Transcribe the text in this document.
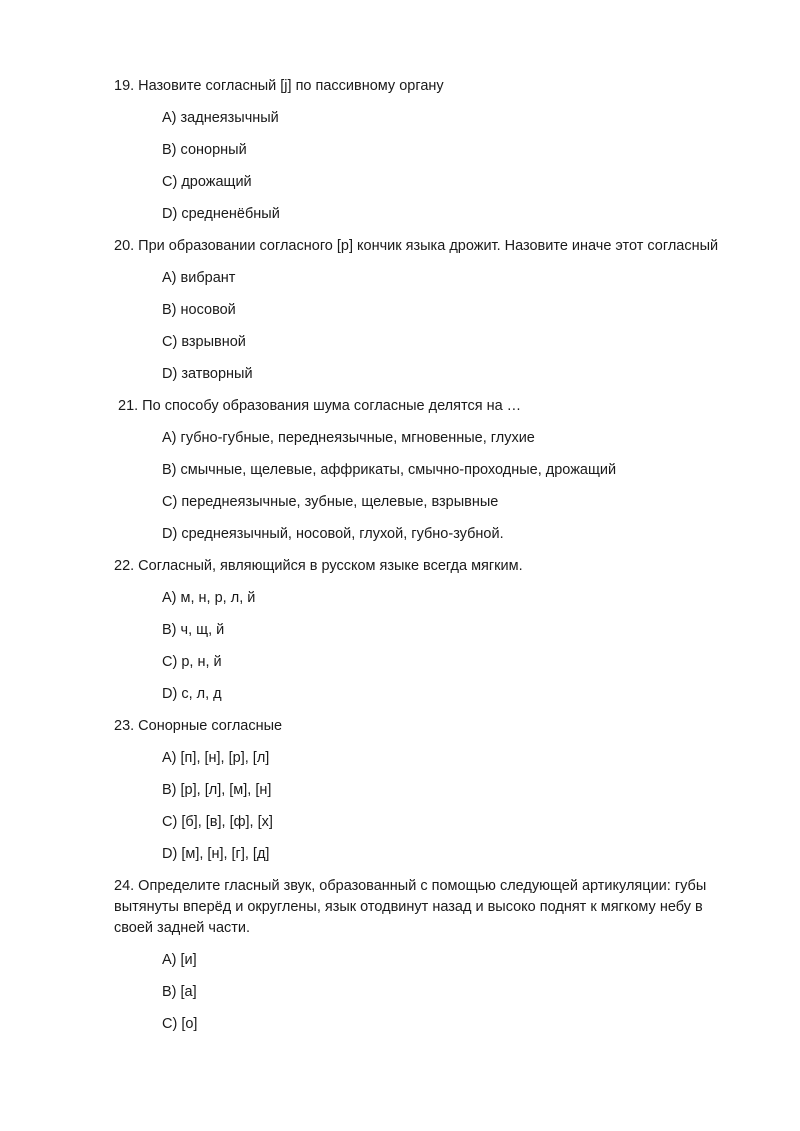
19. Назовите согласный [j] по пассивному органу
А) заднеязычный
В) сонорный
С) дрожащий
D) средненёбный
20. При образовании согласного [р] кончик языка дрожит. Назовите иначе этот согласный
А) вибрант
В) носовой
С) взрывной
D) затворный
21. По способу образования шума согласные делятся на …
А) губно-губные, переднеязычные, мгновенные, глухие
В) смычные, щелевые, аффрикаты, смычно-проходные, дрожащий
С) переднеязычные, зубные, щелевые, взрывные
D) среднеязычный, носовой, глухой, губно-зубной.
22. Согласный, являющийся в русском языке всегда мягким.
А) м, н, р, л, й
В) ч, щ, й
С) р, н, й
D) с, л, д
23. Сонорные согласные
А) [п], [н], [р], [л]
В) [р], [л], [м], [н]
С) [б], [в], [ф], [х]
D) [м], [н], [г], [д]
24. Определите гласный звук, образованный с помощью следующей артикуляции: губы вытянуты вперёд и округлены, язык отодвинут назад и высоко поднят к мягкому небу в своей задней части.
А) [и]
В) [а]
С) [о]
